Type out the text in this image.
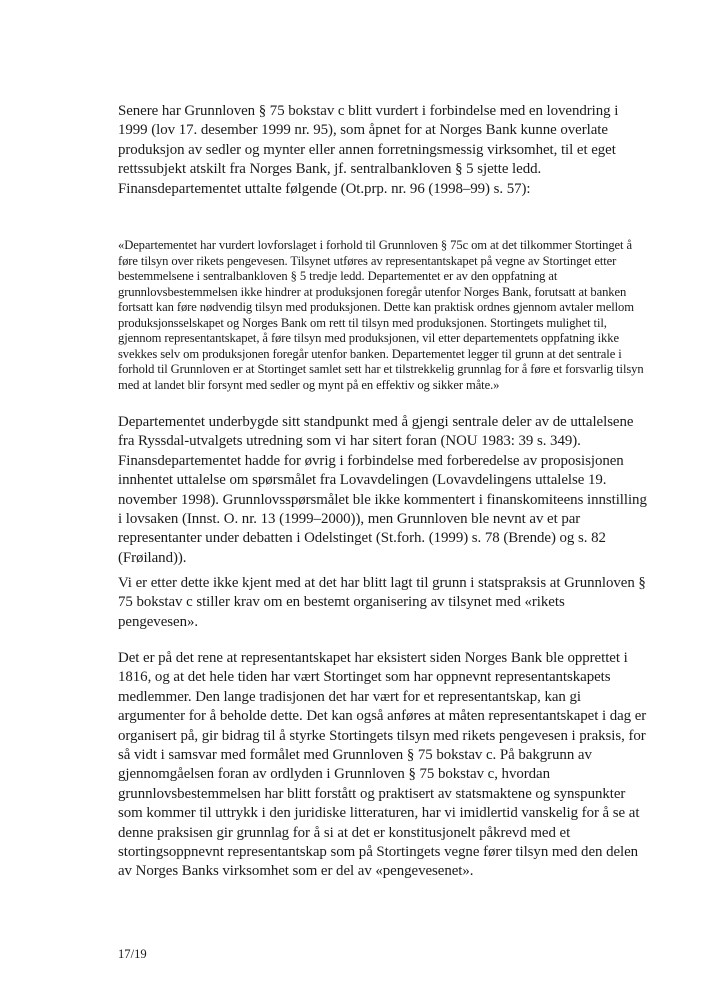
Senere har Grunnloven § 75 bokstav c blitt vurdert i forbindelse med en lovendring i 1999 (lov 17. desember 1999 nr. 95), som åpnet for at Norges Bank kunne overlate produksjon av sedler og mynter eller annen forretningsmessig virksomhet, til et eget rettssubjekt atskilt fra Norges Bank, jf. sentralbankloven § 5 sjette ledd. Finansdepartementet uttalte følgende (Ot.prp. nr. 96 (1998–99) s. 57):

«Departementet har vurdert lovforslaget i forhold til Grunnloven § 75c om at det tilkommer Stortinget å føre tilsyn over rikets pengevesen. Tilsynet utføres av representantskapet på vegne av Stortinget etter bestemmelsene i sentralbankloven § 5 tredje ledd. Departementet er av den oppfatning at grunnlovsbestemmelsen ikke hindrer at produksjonen foregår utenfor Norges Bank, forutsatt at banken fortsatt kan føre nødvendig tilsyn med produksjonen. Dette kan praktisk ordnes gjennom avtaler mellom produksjonsselskapet og Norges Bank om rett til tilsyn med produksjonen. Stortingets mulighet til, gjennom representantskapet, å føre tilsyn med produksjonen, vil etter departementets oppfatning ikke svekkes selv om produksjonen foregår utenfor banken. Departementet legger til grunn at det sentrale i forhold til Grunnloven er at Stortinget samlet sett har et tilstrekkelig grunnlag for å føre et forsvarlig tilsyn med at landet blir forsynt med sedler og mynt på en effektiv og sikker måte.»

Departementet underbygde sitt standpunkt med å gjengi sentrale deler av de uttalelsene fra Ryssdal-utvalgets utredning som vi har sitert foran (NOU 1983: 39 s. 349). Finansdepartementet hadde for øvrig i forbindelse med forberedelse av proposisjonen innhentet uttalelse om spørsmålet fra Lovavdelingen (Lovavdelingens uttalelse 19. november 1998). Grunnlovsspørsmålet ble ikke kommentert i finanskomiteens innstilling i lovsaken (Innst. O. nr. 13 (1999–2000)), men Grunnloven ble nevnt av et par representanter under debatten i Odelstinget (St.forh. (1999) s. 78 (Brende) og s. 82 (Frøiland)).

Vi er etter dette ikke kjent med at det har blitt lagt til grunn i statspraksis at Grunnloven § 75 bokstav c stiller krav om en bestemt organisering av tilsynet med «rikets pengevesen».

Det er på det rene at representantskapet har eksistert siden Norges Bank ble opprettet i 1816, og at det hele tiden har vært Stortinget som har oppnevnt representantskapets medlemmer. Den lange tradisjonen det har vært for et representantskap, kan gi argumenter for å beholde dette. Det kan også anføres at måten representantskapet i dag er organisert på, gir bidrag til å styrke Stortingets tilsyn med rikets pengevesen i praksis, for så vidt i samsvar med formålet med Grunnloven § 75 bokstav c. På bakgrunn av gjennomgåelsen foran av ordlyden i Grunnloven § 75 bokstav c, hvordan grunnlovsbestemmelsen har blitt forstått og praktisert av statsmaktene og synspunkter som kommer til uttrykk i den juridiske litteraturen, har vi imidlertid vanskelig for å se at denne praksisen gir grunnlag for å si at det er konstitusjonelt påkrevd med et stortingsoppnevnt representantskap som på Stortingets vegne fører tilsyn med den delen av Norges Banks virksomhet som er del av «pengevesenet».

17/19
